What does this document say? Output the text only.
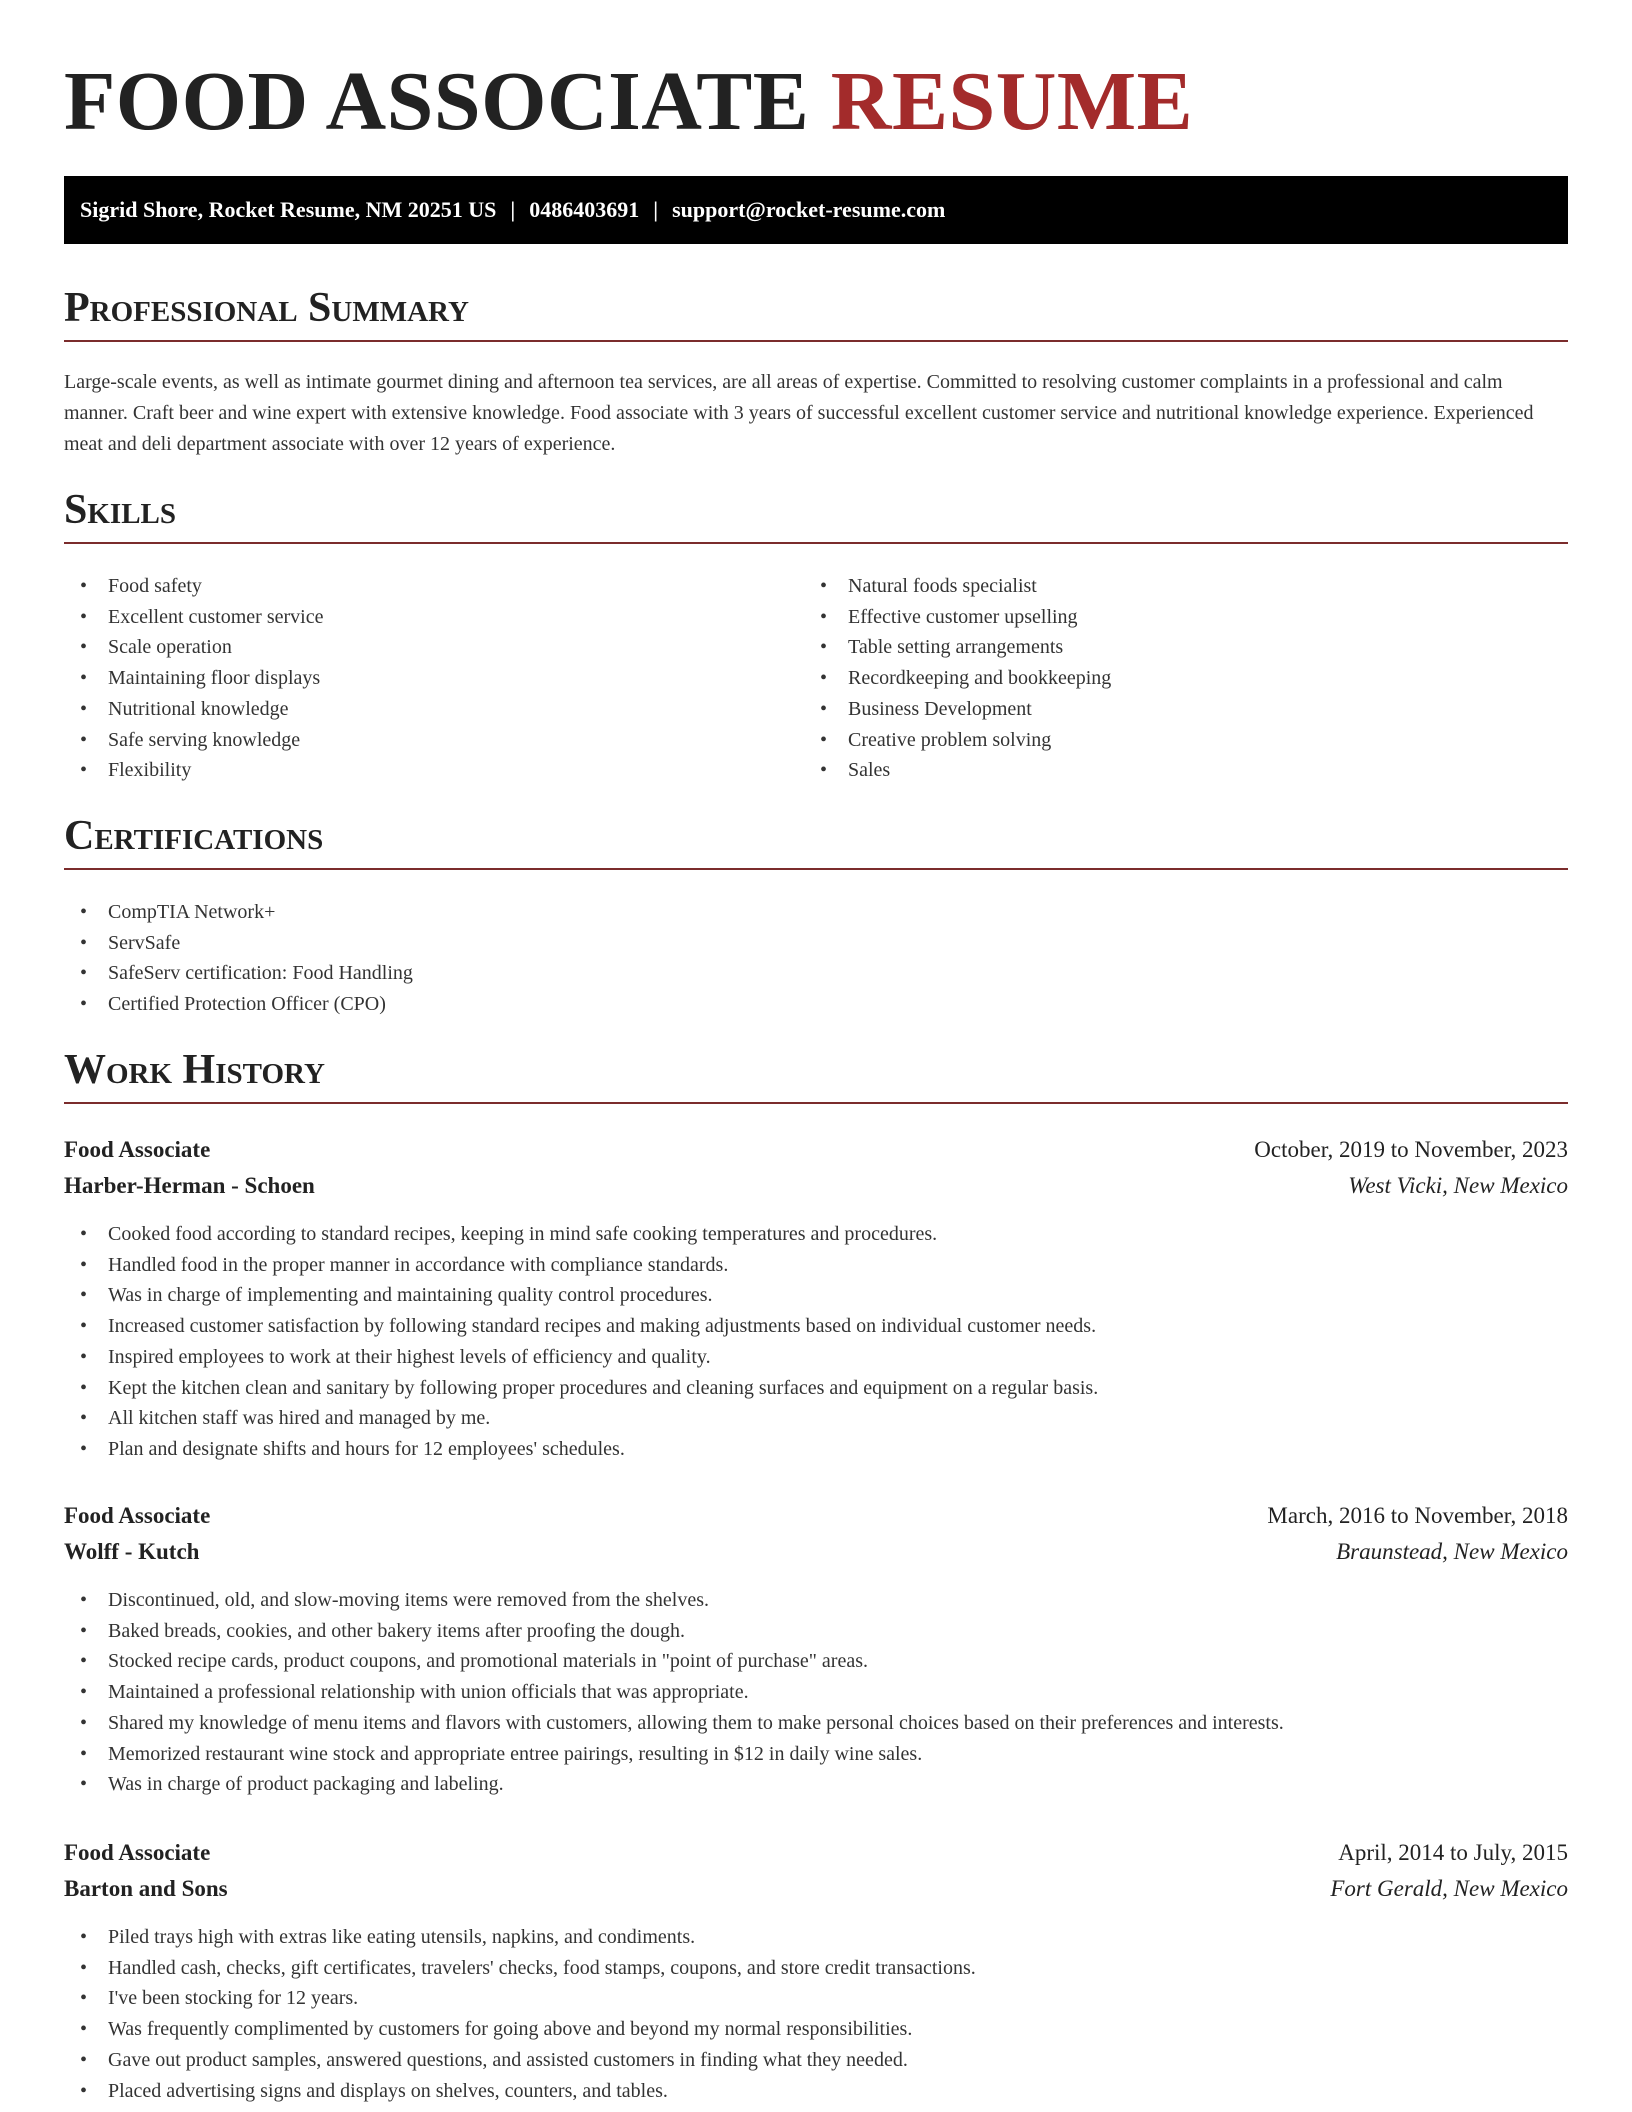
FOOD ASSOCIATE RESUME
Sigrid Shore, Rocket Resume, NM 20251 US | 0486403691 | support@rocket-resume.com
Professional Summary

Large-scale events, as well as intimate gourmet dining and afternoon tea services, are all areas of expertise. Committed to resolving customer complaints in a professional and calm manner. Craft beer and wine expert with extensive knowledge. Food associate with 3 years of successful excellent customer service and nutritional knowledge experience. Experienced meat and deli department associate with over 12 years of experience.

Skills
• Food safety
• Excellent customer service
• Scale operation
• Maintaining floor displays
• Nutritional knowledge
• Safe serving knowledge
• Flexibility
• Natural foods specialist
• Effective customer upselling
• Table setting arrangements
• Recordkeeping and bookkeeping
• Business Development
• Creative problem solving
• Sales
Certifications
• CompTIA Network+
• ServSafe
• SafeServ certification: Food Handling
• Certified Protection Officer (CPO)
Work History
Food Associate	October, 2019 to November, 2023
Harber-Herman - Schoen	West Vicki, New Mexico
• Cooked food according to standard recipes, keeping in mind safe cooking temperatures and procedures.
• Handled food in the proper manner in accordance with compliance standards.
• Was in charge of implementing and maintaining quality control procedures.
• Increased customer satisfaction by following standard recipes and making adjustments based on individual customer needs.
• Inspired employees to work at their highest levels of efficiency and quality.
• Kept the kitchen clean and sanitary by following proper procedures and cleaning surfaces and equipment on a regular basis.
• All kitchen staff was hired and managed by me.
• Plan and designate shifts and hours for 12 employees' schedules.
Food Associate	March, 2016 to November, 2018
Wolff - Kutch	Braunstead, New Mexico
• Discontinued, old, and slow-moving items were removed from the shelves.
• Baked breads, cookies, and other bakery items after proofing the dough.
• Stocked recipe cards, product coupons, and promotional materials in "point of purchase" areas.
• Maintained a professional relationship with union officials that was appropriate.
• Shared my knowledge of menu items and flavors with customers, allowing them to make personal choices based on their preferences and interests.
• Memorized restaurant wine stock and appropriate entree pairings, resulting in $12 in daily wine sales.
• Was in charge of product packaging and labeling.
Food Associate	April, 2014 to July, 2015
Barton and Sons	Fort Gerald, New Mexico
• Piled trays high with extras like eating utensils, napkins, and condiments.
• Handled cash, checks, gift certificates, travelers' checks, food stamps, coupons, and store credit transactions.
• I've been stocking for 12 years.
• Was frequently complimented by customers for going above and beyond my normal responsibilities.
• Gave out product samples, answered questions, and assisted customers in finding what they needed.
• Placed advertising signs and displays on shelves, counters, and tables.
